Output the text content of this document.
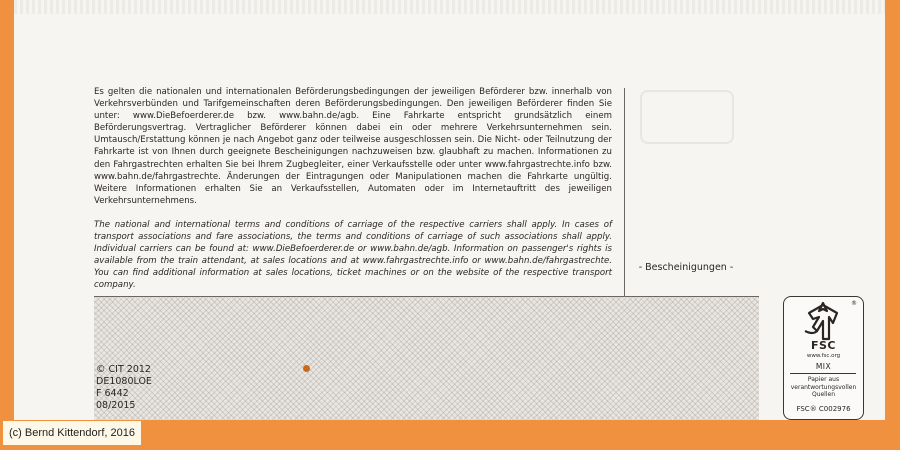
Es gelten die nationalen und internationalen Beförderungsbedingungen der jeweiligen Beförderer bzw. innerhalb von Verkehrsverbünden und Tarifgemeinschaften deren Beförderungsbedingungen. Den jeweiligen Beförderer finden Sie unter: www.DieBefoerderer.de bzw. www.bahn.de/agb. Eine Fahrkarte entspricht grundsätzlich einem Beförderungsvertrag. Vertraglicher Beförderer können dabei ein oder mehrere Verkehrsunternehmen sein. Umtausch/Erstattung können je nach Angebot ganz oder teilweise ausgeschlossen sein. Die Nicht- oder Teilnutzung der Fahrkarte ist von Ihnen durch geeignete Bescheinigungen nachzuweisen bzw. glaubhaft zu machen. Informationen zu den Fahrgastrechten erhalten Sie bei Ihrem Zugbegleiter, einer Verkaufsstelle oder unter www.fahrgastrechte.info bzw. www.bahn.de/fahrgastrechte. Änderungen der Eintragungen oder Manipulationen machen die Fahrkarte ungültig. Weitere Informationen erhalten Sie an Verkaufsstellen, Automaten oder im Internetauftritt des jeweiligen Verkehrsunternehmens.

The national and international terms and conditions of carriage of the respective carriers shall apply. In cases of transport associations and fare associations, the terms and conditions of carriage of such associations shall apply. Individual carriers can be found at: www.DieBefoerderer.de or www.bahn.de/agb. Information on passenger's rights is available from the train attendant, at sales locations and at www.fahrgastrechte.info or www.bahn.de/fahrgastrechte. You can find additional information at sales locations, ticket machines or on the website of the respective transport company.

- Bescheinigungen -
© CIT 2012
DE1080LOE
F 6442
08/2015
®
FSC
www.fsc.org
MIX
Papier aus verantwortungsvollen Quellen
FSC® C002976
(c) Bernd Kittendorf, 2016
